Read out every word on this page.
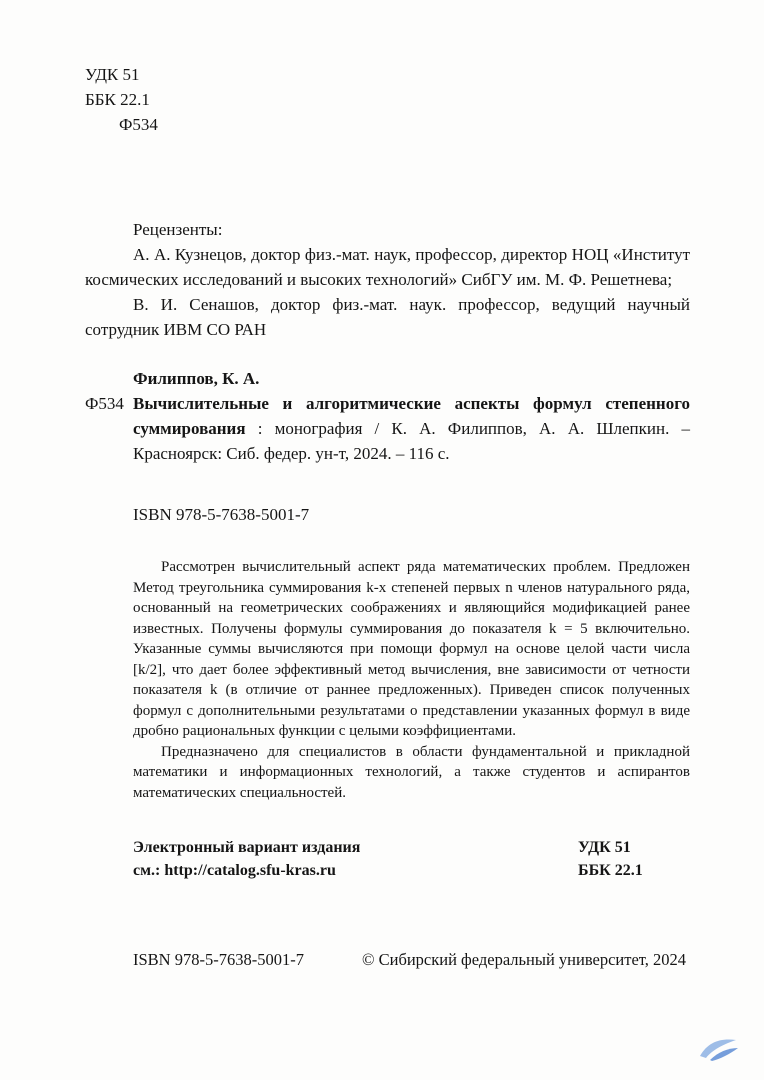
УДК 51
ББК 22.1
Ф534

Рецензенты:

А. А. Кузнецов, доктор физ.-мат. наук, профессор, директор НОЦ «Институт космических исследований и высоких технологий» СибГУ им. М. Ф. Решетнева;

В. И. Сенашов, доктор физ.-мат. наук. профессор, ведущий научный сотрудник ИВМ СО РАН

Филиппов, К. А.

Ф534 Вычислительные и алгоритмические аспекты формул степенного суммирования : монография / К. А. Филиппов, А. А. Шлепкин. – Красноярск: Сиб. федер. ун-т, 2024. – 116 с.

ISBN 978-5-7638-5001-7

Рассмотрен вычислительный аспект ряда математических проблем. Предложен Метод треугольника суммирования k-х степеней первых n членов натурального ряда, основанный на геометрических соображениях и являющийся модификацией ранее известных. Получены формулы суммирования до показателя k = 5 включительно. Указанные суммы вычисляются при помощи формул на основе целой части числа [k/2], что дает более эффективный метод вычисления, вне зависимости от четности показателя k (в отличие от раннее предложенных). Приведен список полученных формул с дополнительными результатами о представлении указанных формул в виде дробно рациональных функции с целыми коэффициентами.

Предназначено для специалистов в области фундаментальной и прикладной математики и информационных технологий, а также студентов и аспирантов математических специальностей.

Электронный вариант издания
см.: http://catalog.sfu-kras.ru
УДК 51
ББК 22.1
ISBN 978-5-7638-5001-7	© Сибирский федеральный университет, 2024
